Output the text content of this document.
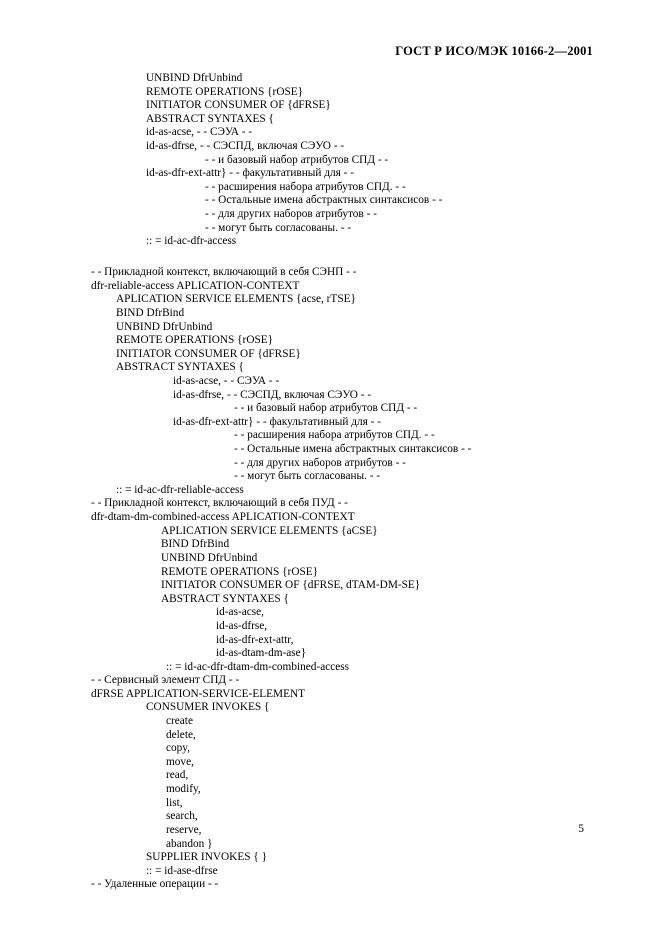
ГОСТ Р ИСО/МЭК 10166-2—2001
UNBIND DfrUnbind
REMOTE OPERATIONS {rOSE}
INITIATOR CONSUMER OF {dFRSE}
ABSTRACT SYNTAXES {
id-as-acse, - - СЭУА - -
id-as-dfrse, - - СЭСПД, включая СЭУО - -
- - и базовый набор атрибутов СПД - -
id-as-dfr-ext-attr} - - факультативный для - -
- - расширения набора атрибутов СПД. - -
- - Остальные имена абстрактных синтаксисов - -
- - для других наборов атрибутов - -
- - могут быть согласованы. - -
:: = id-ac-dfr-access
- - Прикладной контекст, включающий в себя СЭНП - -
dfr-reliable-access APLICATION-CONTEXT
APLICATION SERVICE ELEMENTS {acse, rTSE}
BIND DfrBind
UNBIND DfrUnbind
REMOTE OPERATIONS {rOSE}
INITIATOR CONSUMER OF {dFRSE}
ABSTRACT SYNTAXES {
id-as-acse, - - СЭУА - -
id-as-dfrse, - - СЭСПД, включая СЭУО - -
- - и базовый набор атрибутов СПД - -
id-as-dfr-ext-attr} - - факультативный для - -
- - расширения набора атрибутов СПД. - -
- - Остальные имена абстрактных синтаксисов - -
- - для других наборов атрибутов - -
- - могут быть согласованы. - -
:: = id-ac-dfr-reliable-access
- - Прикладной контекст, включающий в себя ПУД - -
dfr-dtam-dm-combined-access APLICATION-CONTEXT
APLICATION SERVICE ELEMENTS {aCSE}
BIND DfrBind
UNBIND DfrUnbind
REMOTE OPERATIONS {rOSE}
INITIATOR CONSUMER OF {dFRSE, dTAM-DM-SE}
ABSTRACT SYNTAXES {
id-as-acse,
id-as-dfrse,
id-as-dfr-ext-attr,
id-as-dtam-dm-ase}
:: = id-ac-dfr-dtam-dm-combined-access
- - Сервисный элемент СПД - -
dFRSE APPLICATION-SERVICE-ELEMENT
CONSUMER INVOKES {
create
delete,
copy,
move,
read,
modify,
list,
search,
reserve,
abandon }
SUPPLIER INVOKES { }
:: = id-ase-dfrse
- - Удаленные операции - -
5
